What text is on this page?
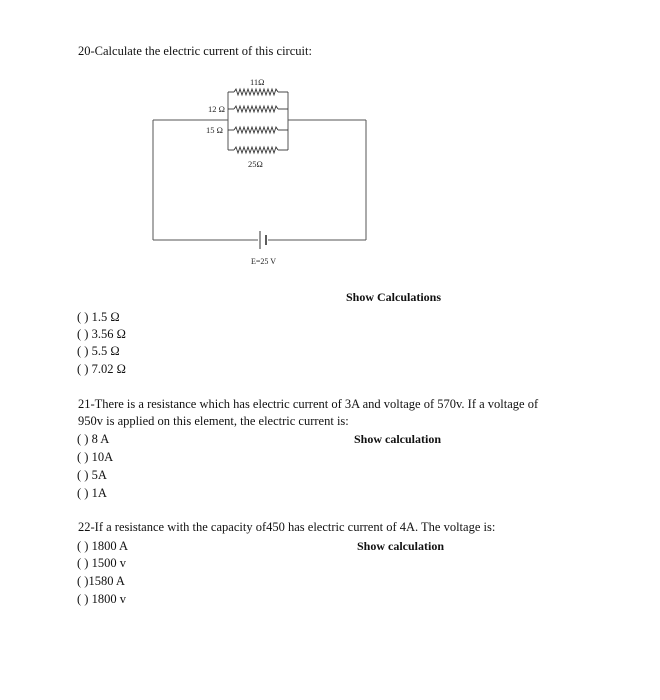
20-Calculate the electric current of this circuit:
11Ω
12 Ω
15 Ω
25Ω
E=25 V
Show Calculations
( ) 1.5 Ω
( ) 3.56 Ω
( ) 5.5 Ω
( ) 7.02 Ω
21-There is a resistance which has electric current of 3A and voltage of 570v. If a voltage of
950v is applied on this element, the electric current is:
Show calculation
( ) 8 A
( ) 10A
( ) 5A
( ) 1A
22-If a resistance with the capacity of450 has electric current of 4A. The voltage is:
Show calculation
( ) 1800 A
( ) 1500 v
( )1580 A
( ) 1800 v
